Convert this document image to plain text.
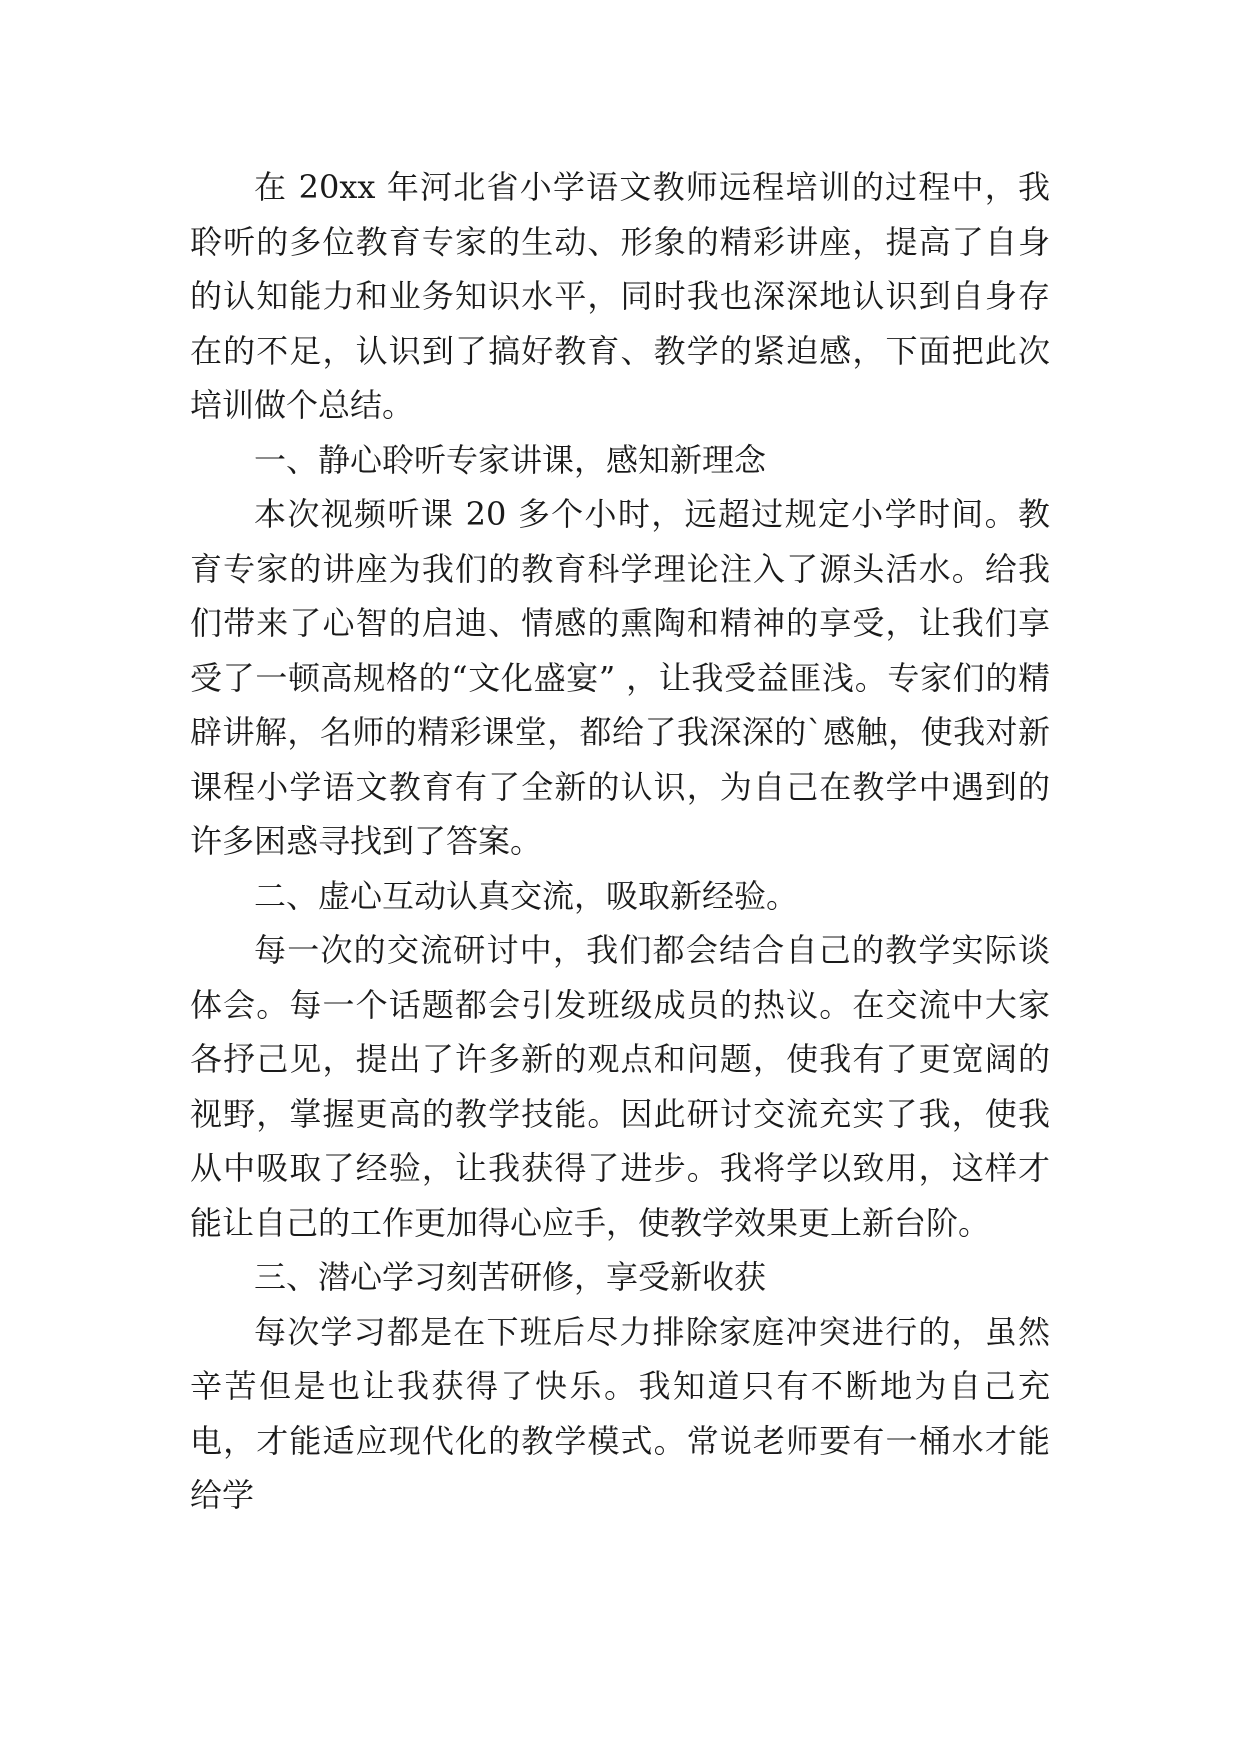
在 20xx 年河北省小学语文教师远程培训的过程中，我聆听的多位教育专家的生动、形象的精彩讲座，提高了自身的认知能力和业务知识水平，同时我也深深地认识到自身存在的不足，认识到了搞好教育、教学的紧迫感，下面把此次培训做个总结。

一、静心聆听专家讲课，感知新理念

本次视频听课 20 多个小时，远超过规定小学时间。教育专家的讲座为我们的教育科学理论注入了源头活水。给我们带来了心智的启迪、情感的熏陶和精神的享受，让我们享受了一顿高规格的“文化盛宴” ，让我受益匪浅。专家们的精辟讲解，名师的精彩课堂，都给了我深深的`感触，使我对新课程小学语文教育有了全新的认识，为自己在教学中遇到的许多困惑寻找到了答案。

二、虚心互动认真交流，吸取新经验。

每一次的交流研讨中，我们都会结合自己的教学实际谈体会。每一个话题都会引发班级成员的热议。在交流中大家各抒己见，提出了许多新的观点和问题，使我有了更宽阔的视野，掌握更高的教学技能。因此研讨交流充实了我，使我从中吸取了经验，让我获得了进步。我将学以致用，这样才能让自己的工作更加得心应手，使教学效果更上新台阶。

三、潜心学习刻苦研修，享受新收获

每次学习都是在下班后尽力排除家庭冲突进行的，虽然辛苦但是也让我获得了快乐。我知道只有不断地为自己充电，才能适应现代化的教学模式。常说老师要有一桶水才能给学
